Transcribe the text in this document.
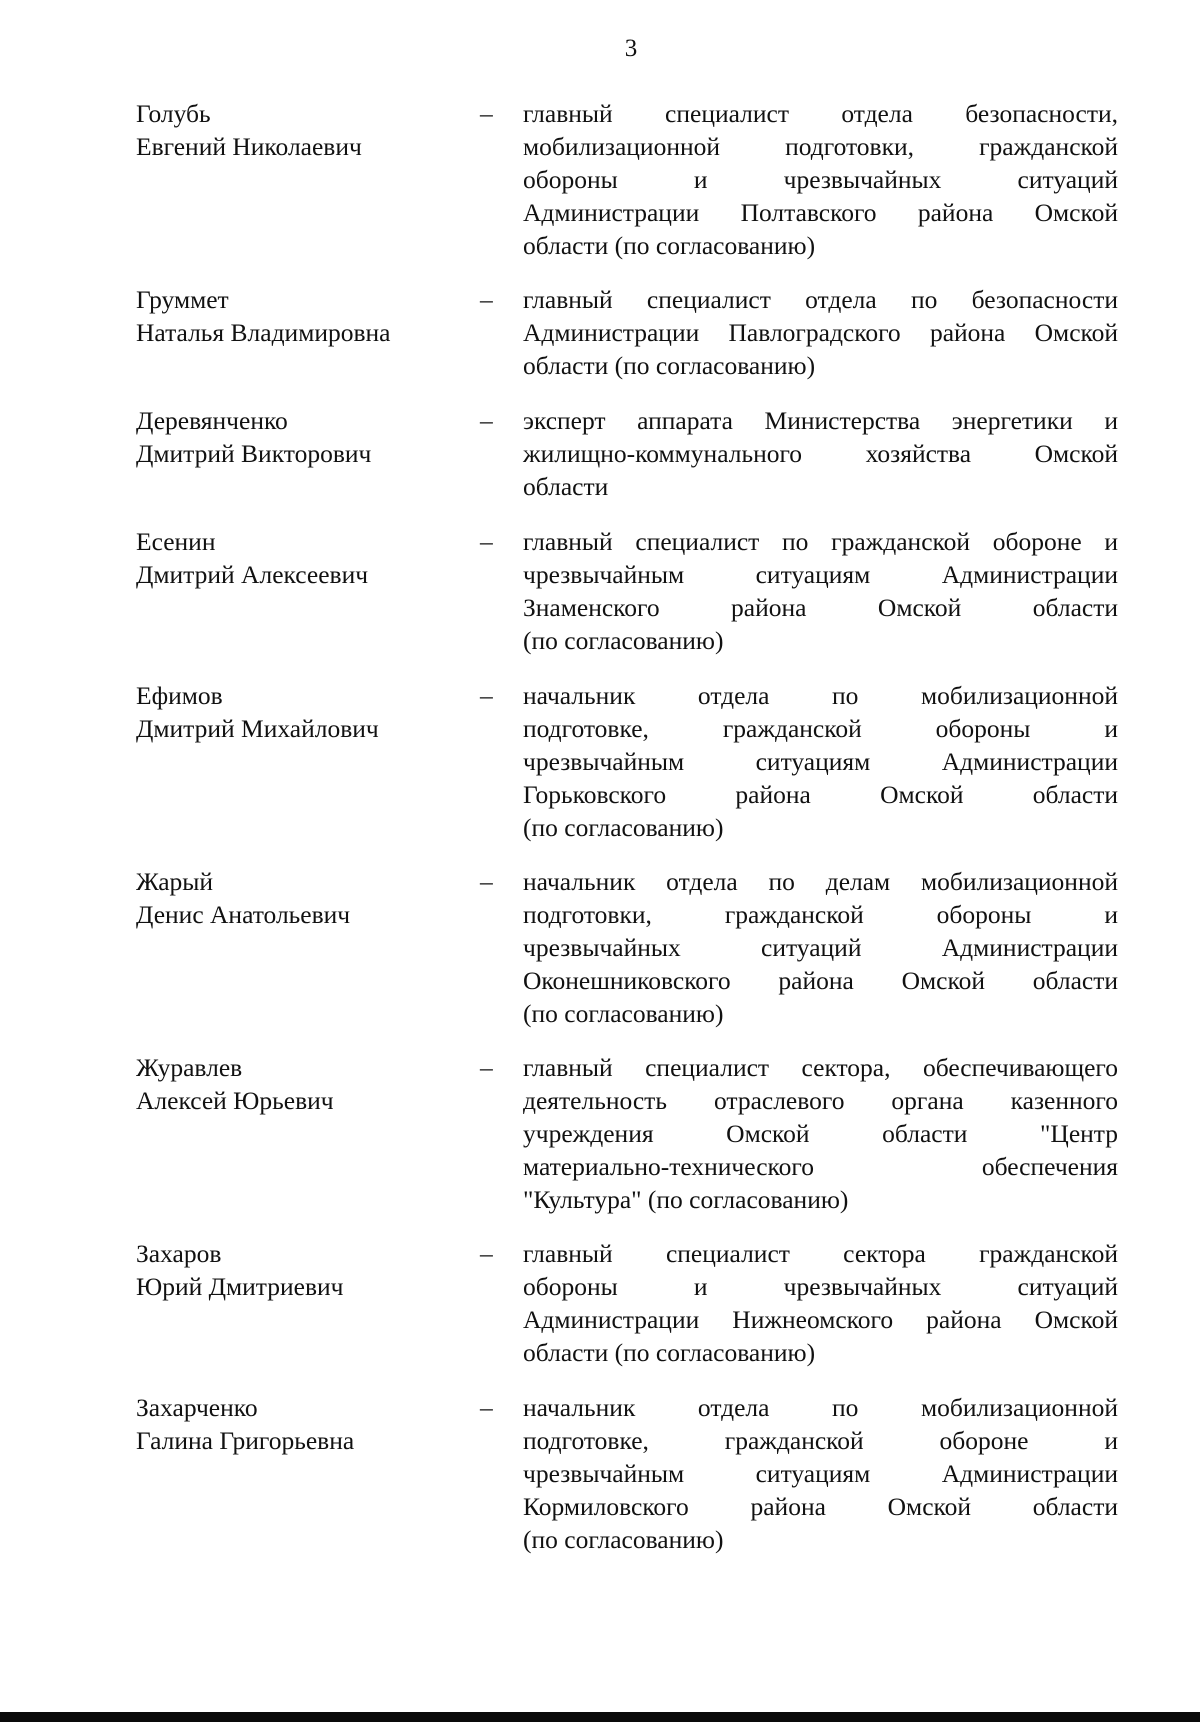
3
Голубь
Евгений Николаевич
– главный специалист отдела безопасности,
мобилизационной подготовки, гражданской
обороны и чрезвычайных ситуаций
Администрации Полтавского района Омской
области (по согласованию)
Груммет
Наталья Владимировна
– главный специалист отдела по безопасности
Администрации Павлоградского района Омской
области (по согласованию)
Деревянченко
Дмитрий Викторович
– эксперт аппарата Министерства энергетики и
жилищно-коммунального хозяйства Омской
области
Есенин
Дмитрий Алексеевич
– главный специалист по гражданской обороне и
чрезвычайным ситуациям Администрации
Знаменского района Омской области
(по согласованию)
Ефимов
Дмитрий Михайлович
– начальник отдела по мобилизационной
подготовке, гражданской обороны и
чрезвычайным ситуациям Администрации
Горьковского района Омской области
(по согласованию)
Жарый
Денис Анатольевич
– начальник отдела по делам мобилизационной
подготовки, гражданской обороны и
чрезвычайных ситуаций Администрации
Оконешниковского района Омской области
(по согласованию)
Журавлев
Алексей Юрьевич
– главный специалист сектора, обеспечивающего
деятельность отраслевого органа казенного
учреждения Омской области "Центр
материально-технического обеспечения
"Культура" (по согласованию)
Захаров
Юрий Дмитриевич
– главный специалист сектора гражданской
обороны и чрезвычайных ситуаций
Администрации Нижнеомского района Омской
области (по согласованию)
Захарченко
Галина Григорьевна
– начальник отдела по мобилизационной
подготовке, гражданской обороне и
чрезвычайным ситуациям Администрации
Кормиловского района Омской области
(по согласованию)
